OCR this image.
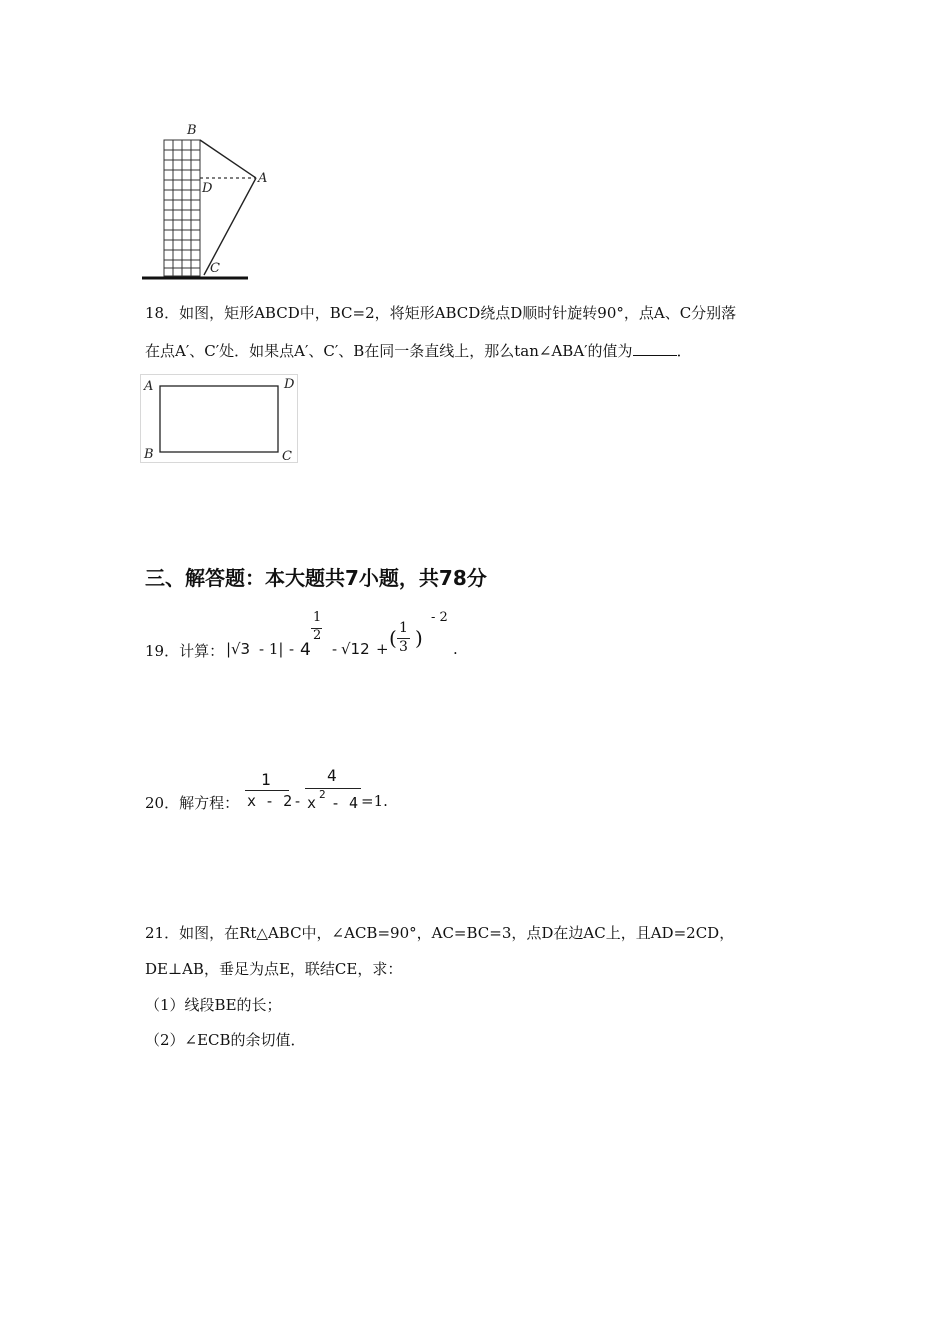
B
A
D
C
18．如图，矩形ABCD中，BC=2，将矩形ABCD绕点D顺时针旋转90°，点A、C分别落
在点A′、C′处．如果点A′、C′、B在同一条直线上，那么tan∠ABA′的值为	．
A	D
B	C
三、解答题：本大题共7小题，共78分
19．计算： | √3 - 1| - 4
1
2
- √12 + ( 1
3 )
- 2
.
20．解方程：
1
x - 2 -
4
x 2 - 4 =1.
21．如图，在Rt△ABC中，∠ACB=90°，AC=BC=3，点D在边AC上，且AD=2CD，
DE⊥AB，垂足为点E，联结CE，求：
（1）线段BE的长；
（2）∠ECB的余切值．
